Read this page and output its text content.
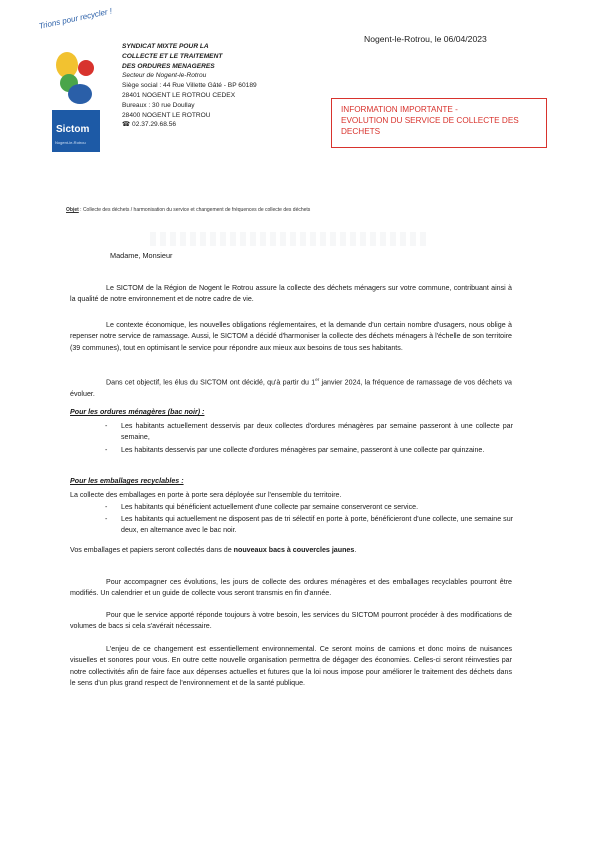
Trions pour recycler !
Sictom
Nogent-le-Rotrou
SYNDICAT MIXTE POUR LA
COLLECTE ET LE TRAITEMENT
DES ORDURES MENAGERES
Secteur de Nogent-le-Rotrou
Siège social : 44 Rue Villette Gâté - BP 60189
28401 NOGENT LE ROTROU CEDEX
Bureaux : 30 rue Doullay
28400 NOGENT LE ROTROU
☎ 02.37.29.68.56
Nogent-le-Rotrou, le 06/04/2023
INFORMATION IMPORTANTE -
EVOLUTION DU SERVICE DE COLLECTE DES
DECHETS
Objet : Collecte des déchets / harmonisation du service et changement de fréquences de collecte des déchets
Madame, Monsieur
Le SICTOM de la Région de Nogent le Rotrou assure la collecte des déchets ménagers sur votre commune, contribuant ainsi à la qualité de notre environnement et de notre cadre de vie.
Le contexte économique, les nouvelles obligations réglementaires, et la demande d'un certain nombre d'usagers, nous oblige à repenser notre service de ramassage. Aussi, le SICTOM a décidé d'harmoniser la collecte des déchets ménagers à l'échelle de son territoire (39 communes), tout en optimisant le service pour répondre aux mieux aux besoins de tous ses habitants.
Dans cet objectif, les élus du SICTOM ont décidé, qu'à partir du 1er janvier 2024, la fréquence de ramassage de vos déchets va évoluer.
Pour les ordures ménagères (bac noir) :
- Les habitants actuellement desservis par deux collectes d'ordures ménagères par semaine passeront à une collecte par semaine,
- Les habitants desservis par une collecte d'ordures ménagères par semaine, passeront à une collecte par quinzaine.
Pour les emballages recyclables :
La collecte des emballages en porte à porte sera déployée sur l'ensemble du territoire.
- Les habitants qui bénéficient actuellement d'une collecte par semaine conserveront ce service.
- Les habitants qui actuellement ne disposent pas de tri sélectif en porte à porte, bénéficieront d'une collecte, une semaine sur deux, en alternance avec le bac noir.
Vos emballages et papiers seront collectés dans de nouveaux bacs à couvercles jaunes.
Pour accompagner ces évolutions, les jours de collecte des ordures ménagères et des emballages recyclables pourront être modifiés. Un calendrier et un guide de collecte vous seront transmis en fin d'année.
Pour que le service apporté réponde toujours à votre besoin, les services du SICTOM pourront procéder à des modifications de volumes de bacs si cela s'avérait nécessaire.
L'enjeu de ce changement est essentiellement environnemental. Ce seront moins de camions et donc moins de nuisances visuelles et sonores pour vous. En outre cette nouvelle organisation permettra de dégager des économies. Celles-ci seront réinvesties par notre collectivités afin de faire face aux dépenses actuelles et futures que la loi nous impose pour améliorer le traitement des déchets dans le sens d'un plus grand respect de l'environnement et de la santé publique.
